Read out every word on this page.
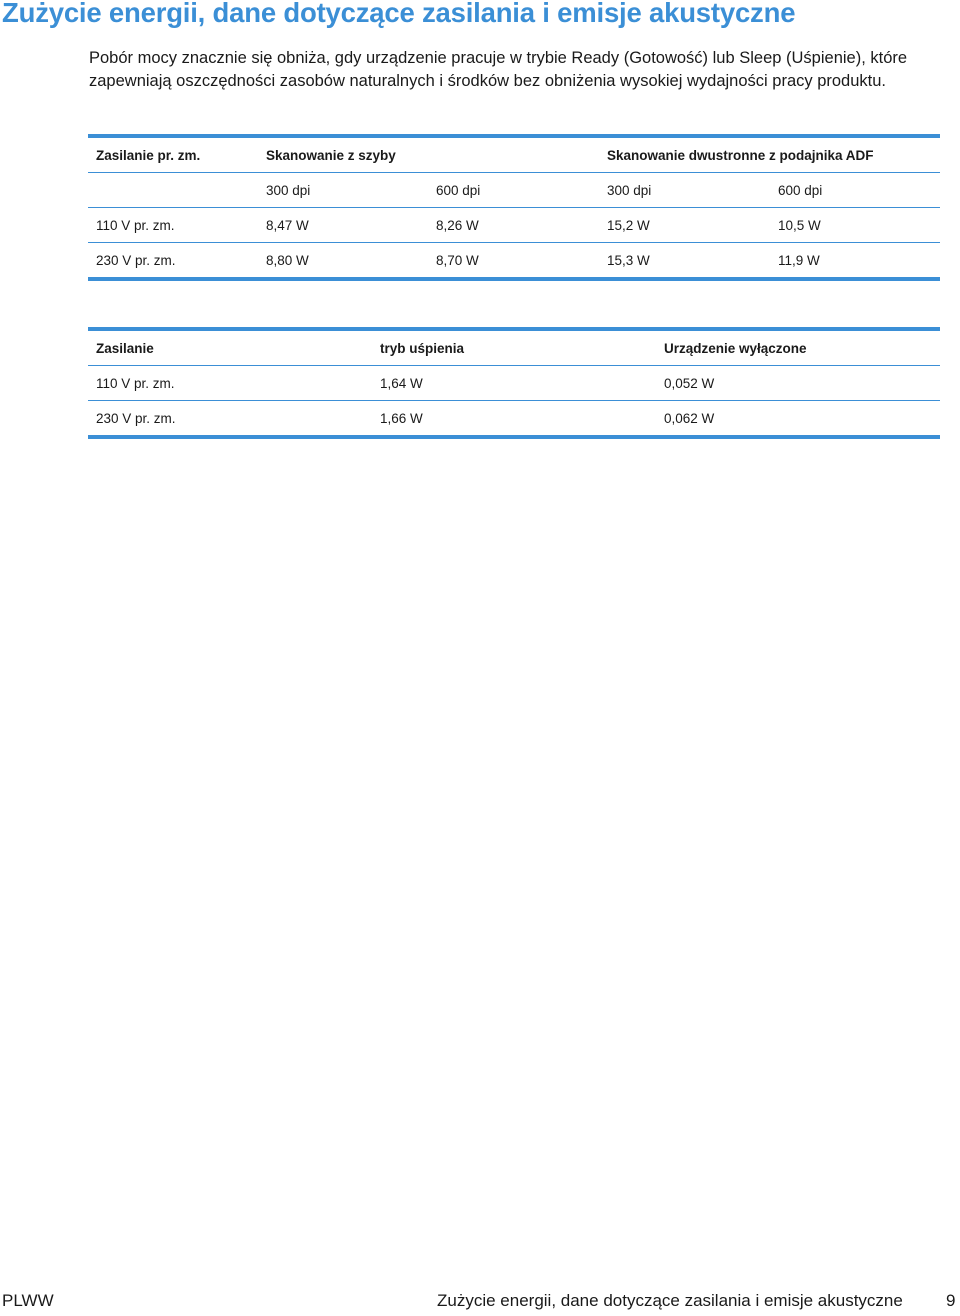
Zużycie energii, dane dotyczące zasilania i emisje akustyczne

Pobór mocy znacznie się obniża, gdy urządzenie pracuje w trybie Ready (Gotowość) lub Sleep (Uśpienie), które zapewniają oszczędności zasobów naturalnych i środków bez obniżenia wysokiej wydajności pracy produktu.

Zasilanie pr. zm.	Skanowanie z szyby		Skanowanie dwustronne z podajnika ADF	
	300 dpi	600 dpi	300 dpi	600 dpi
110 V pr. zm.	8,47 W	8,26 W	15,2 W	10,5 W
230 V pr. zm.	8,80 W	8,70 W	15,3 W	11,9 W
Zasilanie	tryb uśpienia	Urządzenie wyłączone
110 V pr. zm.	1,64 W	0,052 W
230 V pr. zm.	1,66 W	0,062 W
PLWW	Zużycie energii, dane dotyczące zasilania i emisje akustyczne	9
